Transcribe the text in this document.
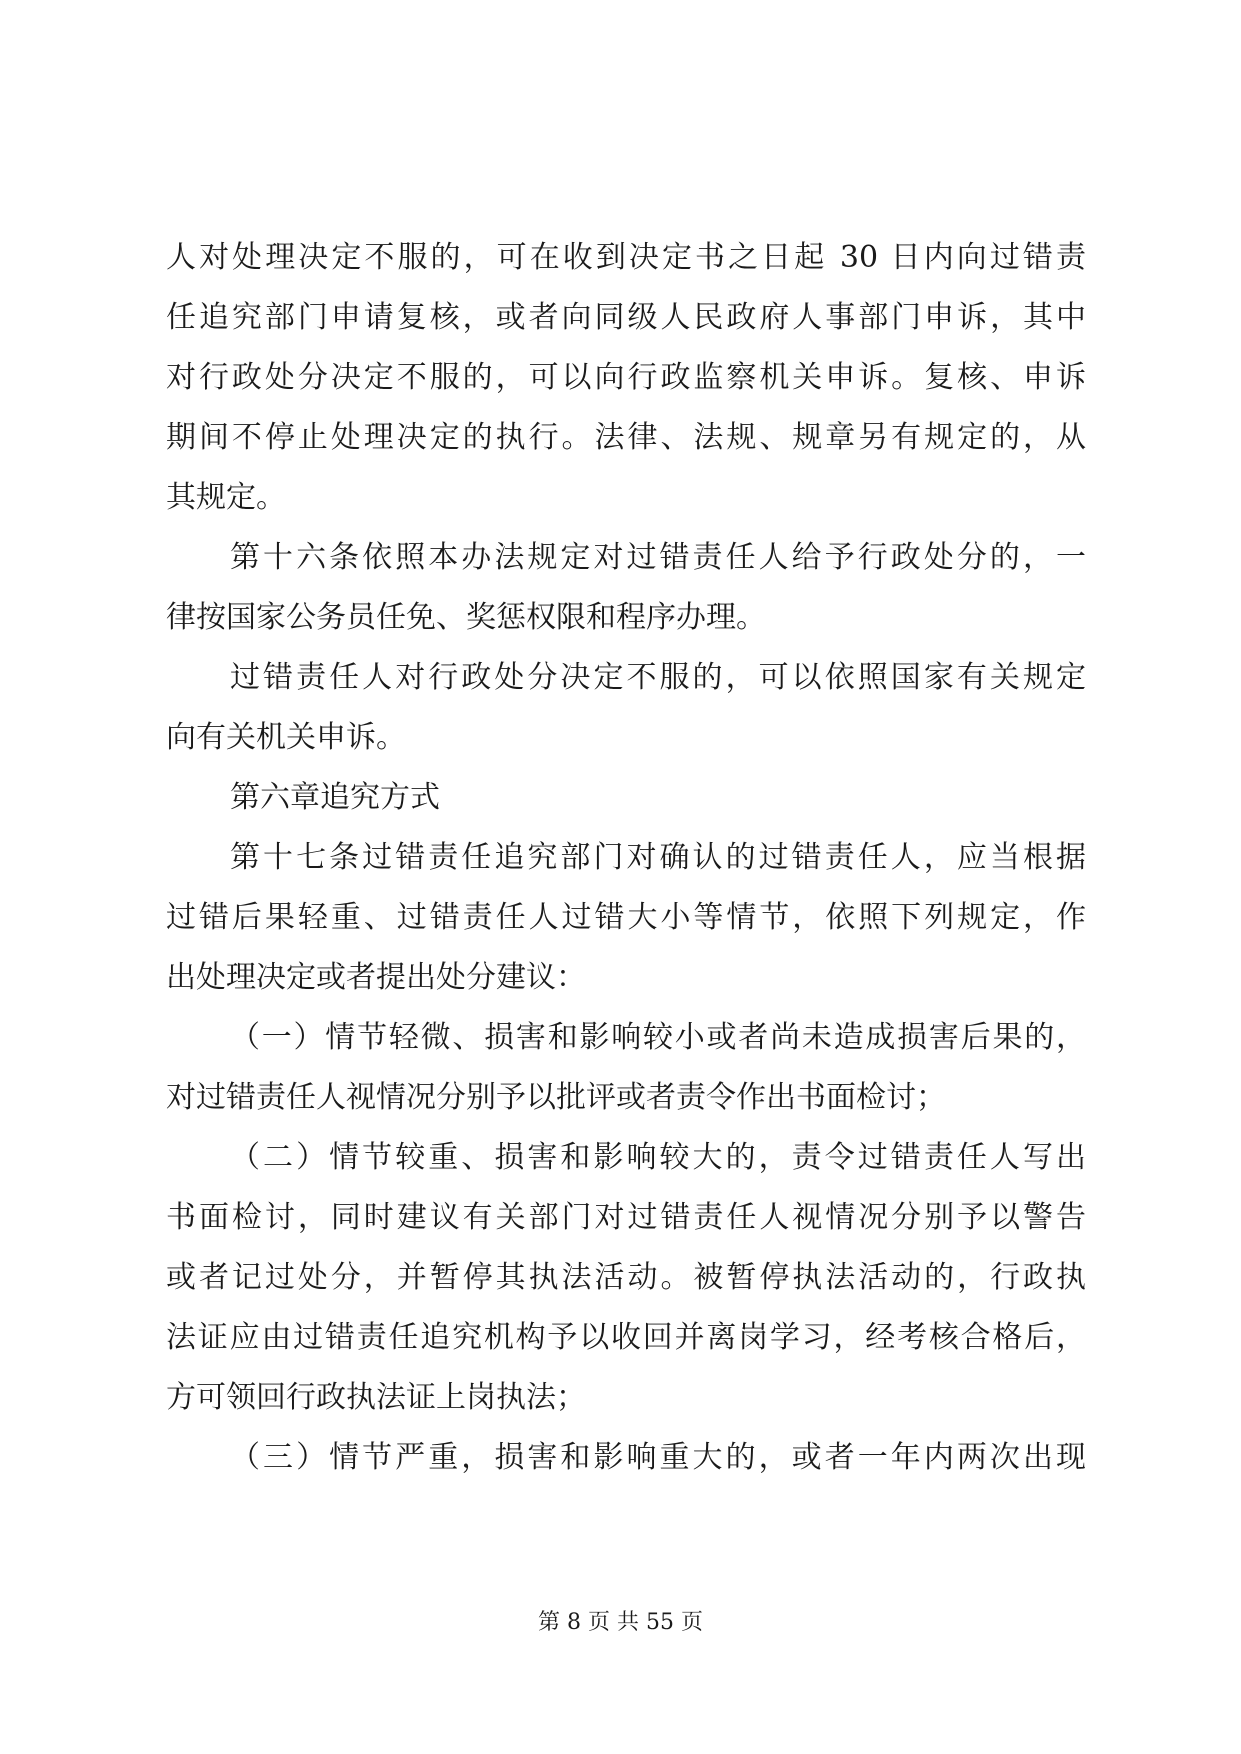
人对处理决定不服的，可在收到决定书之日起 30 日内向过错责
任追究部门申请复核，或者向同级人民政府人事部门申诉，其中
对行政处分决定不服的，可以向行政监察机关申诉。复核、申诉
期间不停止处理决定的执行。法律、法规、规章另有规定的，从
其规定。
第十六条依照本办法规定对过错责任人给予行政处分的，一
律按国家公务员任免、奖惩权限和程序办理。
过错责任人对行政处分决定不服的，可以依照国家有关规定
向有关机关申诉。
第六章追究方式
第十七条过错责任追究部门对确认的过错责任人，应当根据
过错后果轻重、过错责任人过错大小等情节，依照下列规定，作
出处理决定或者提出处分建议：
（一）情节轻微、损害和影响较小或者尚未造成损害后果的，
对过错责任人视情况分别予以批评或者责令作出书面检讨；
（二）情节较重、损害和影响较大的，责令过错责任人写出
书面检讨，同时建议有关部门对过错责任人视情况分别予以警告
或者记过处分，并暂停其执法活动。被暂停执法活动的，行政执
法证应由过错责任追究机构予以收回并离岗学习，经考核合格后，
方可领回行政执法证上岗执法；
（三）情节严重，损害和影响重大的，或者一年内两次出现
第 8 页 共 55 页
